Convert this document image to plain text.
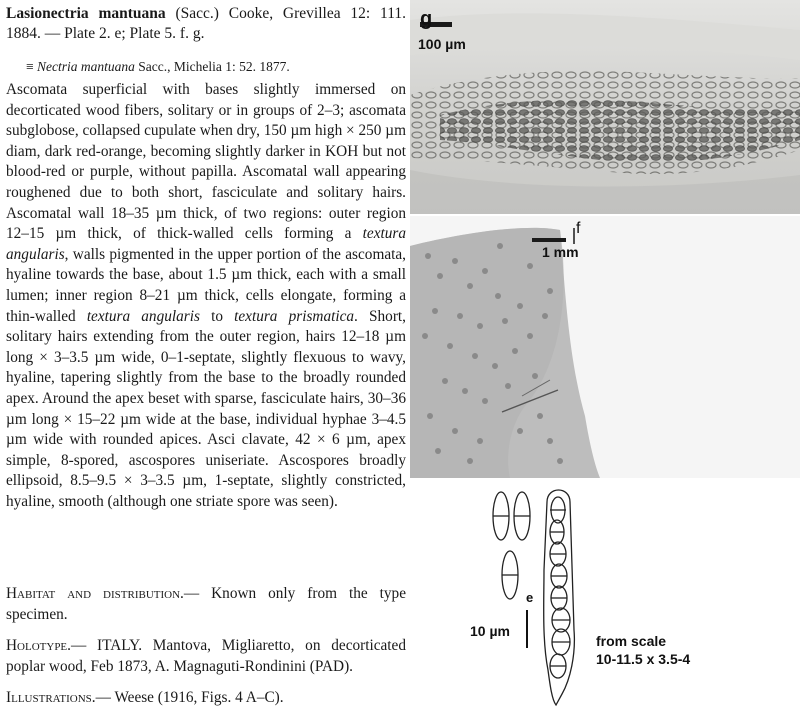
Lasionectria mantuana (Sacc.) Cooke, Grevillea 12: 111. 1884. — Plate 2. e; Plate 5. f. g.
≡ Nectria mantuana Sacc., Michelia 1: 52. 1877.

Ascomata superficial with bases slightly immersed on decorticated wood fibers, solitary or in groups of 2–3; ascomata subglobose, collapsed cupulate when dry, 150 µm high × 250 µm diam, dark red-orange, becoming slightly darker in KOH but not blood-red or purple, without papilla. Ascomatal wall appearing roughened due to both short, fasciculate and solitary hairs. Ascomatal wall 18–35 µm thick, of two regions: outer region 12–15 µm thick, of thick-walled cells forming a textura angularis, walls pigmented in the upper portion of the ascomata, hyaline towards the base, about 1.5 µm thick, each with a small lumen; inner region 8–21 µm thick, cells elongate, forming a thin-walled textura angularis to textura prismatica. Short, solitary hairs extending from the outer region, hairs 12–18 µm long × 3–3.5 µm wide, 0–1-septate, slightly flexuous to wavy, hyaline, tapering slightly from the base to the broadly rounded apex. Around the apex beset with sparse, fasciculate hairs, 30–36 µm long × 15–22 µm wide at the base, individual hyphae 3–4.5 µm wide with rounded apices. Asci clavate, 42 × 6 µm, apex simple, 8-spored, ascospores uniseriate. Ascospores broadly ellipsoid, 8.5–9.5 × 3–3.5 µm, 1-septate, slightly constricted, hyaline, smooth (although one striate spore was seen).

Habitat and distribution.— Known only from the type specimen.

Holotype.— ITALY. Mantova, Migliaretto, on decorticated poplar wood, Feb 1873, A. Magnaguti-Rondinini (PAD).

Illustrations.— Weese (1916, Figs. 4 A–C).

g
100 µm
f
1 mm
e
10 µm
from scale
10-11.5 x 3.5-4
